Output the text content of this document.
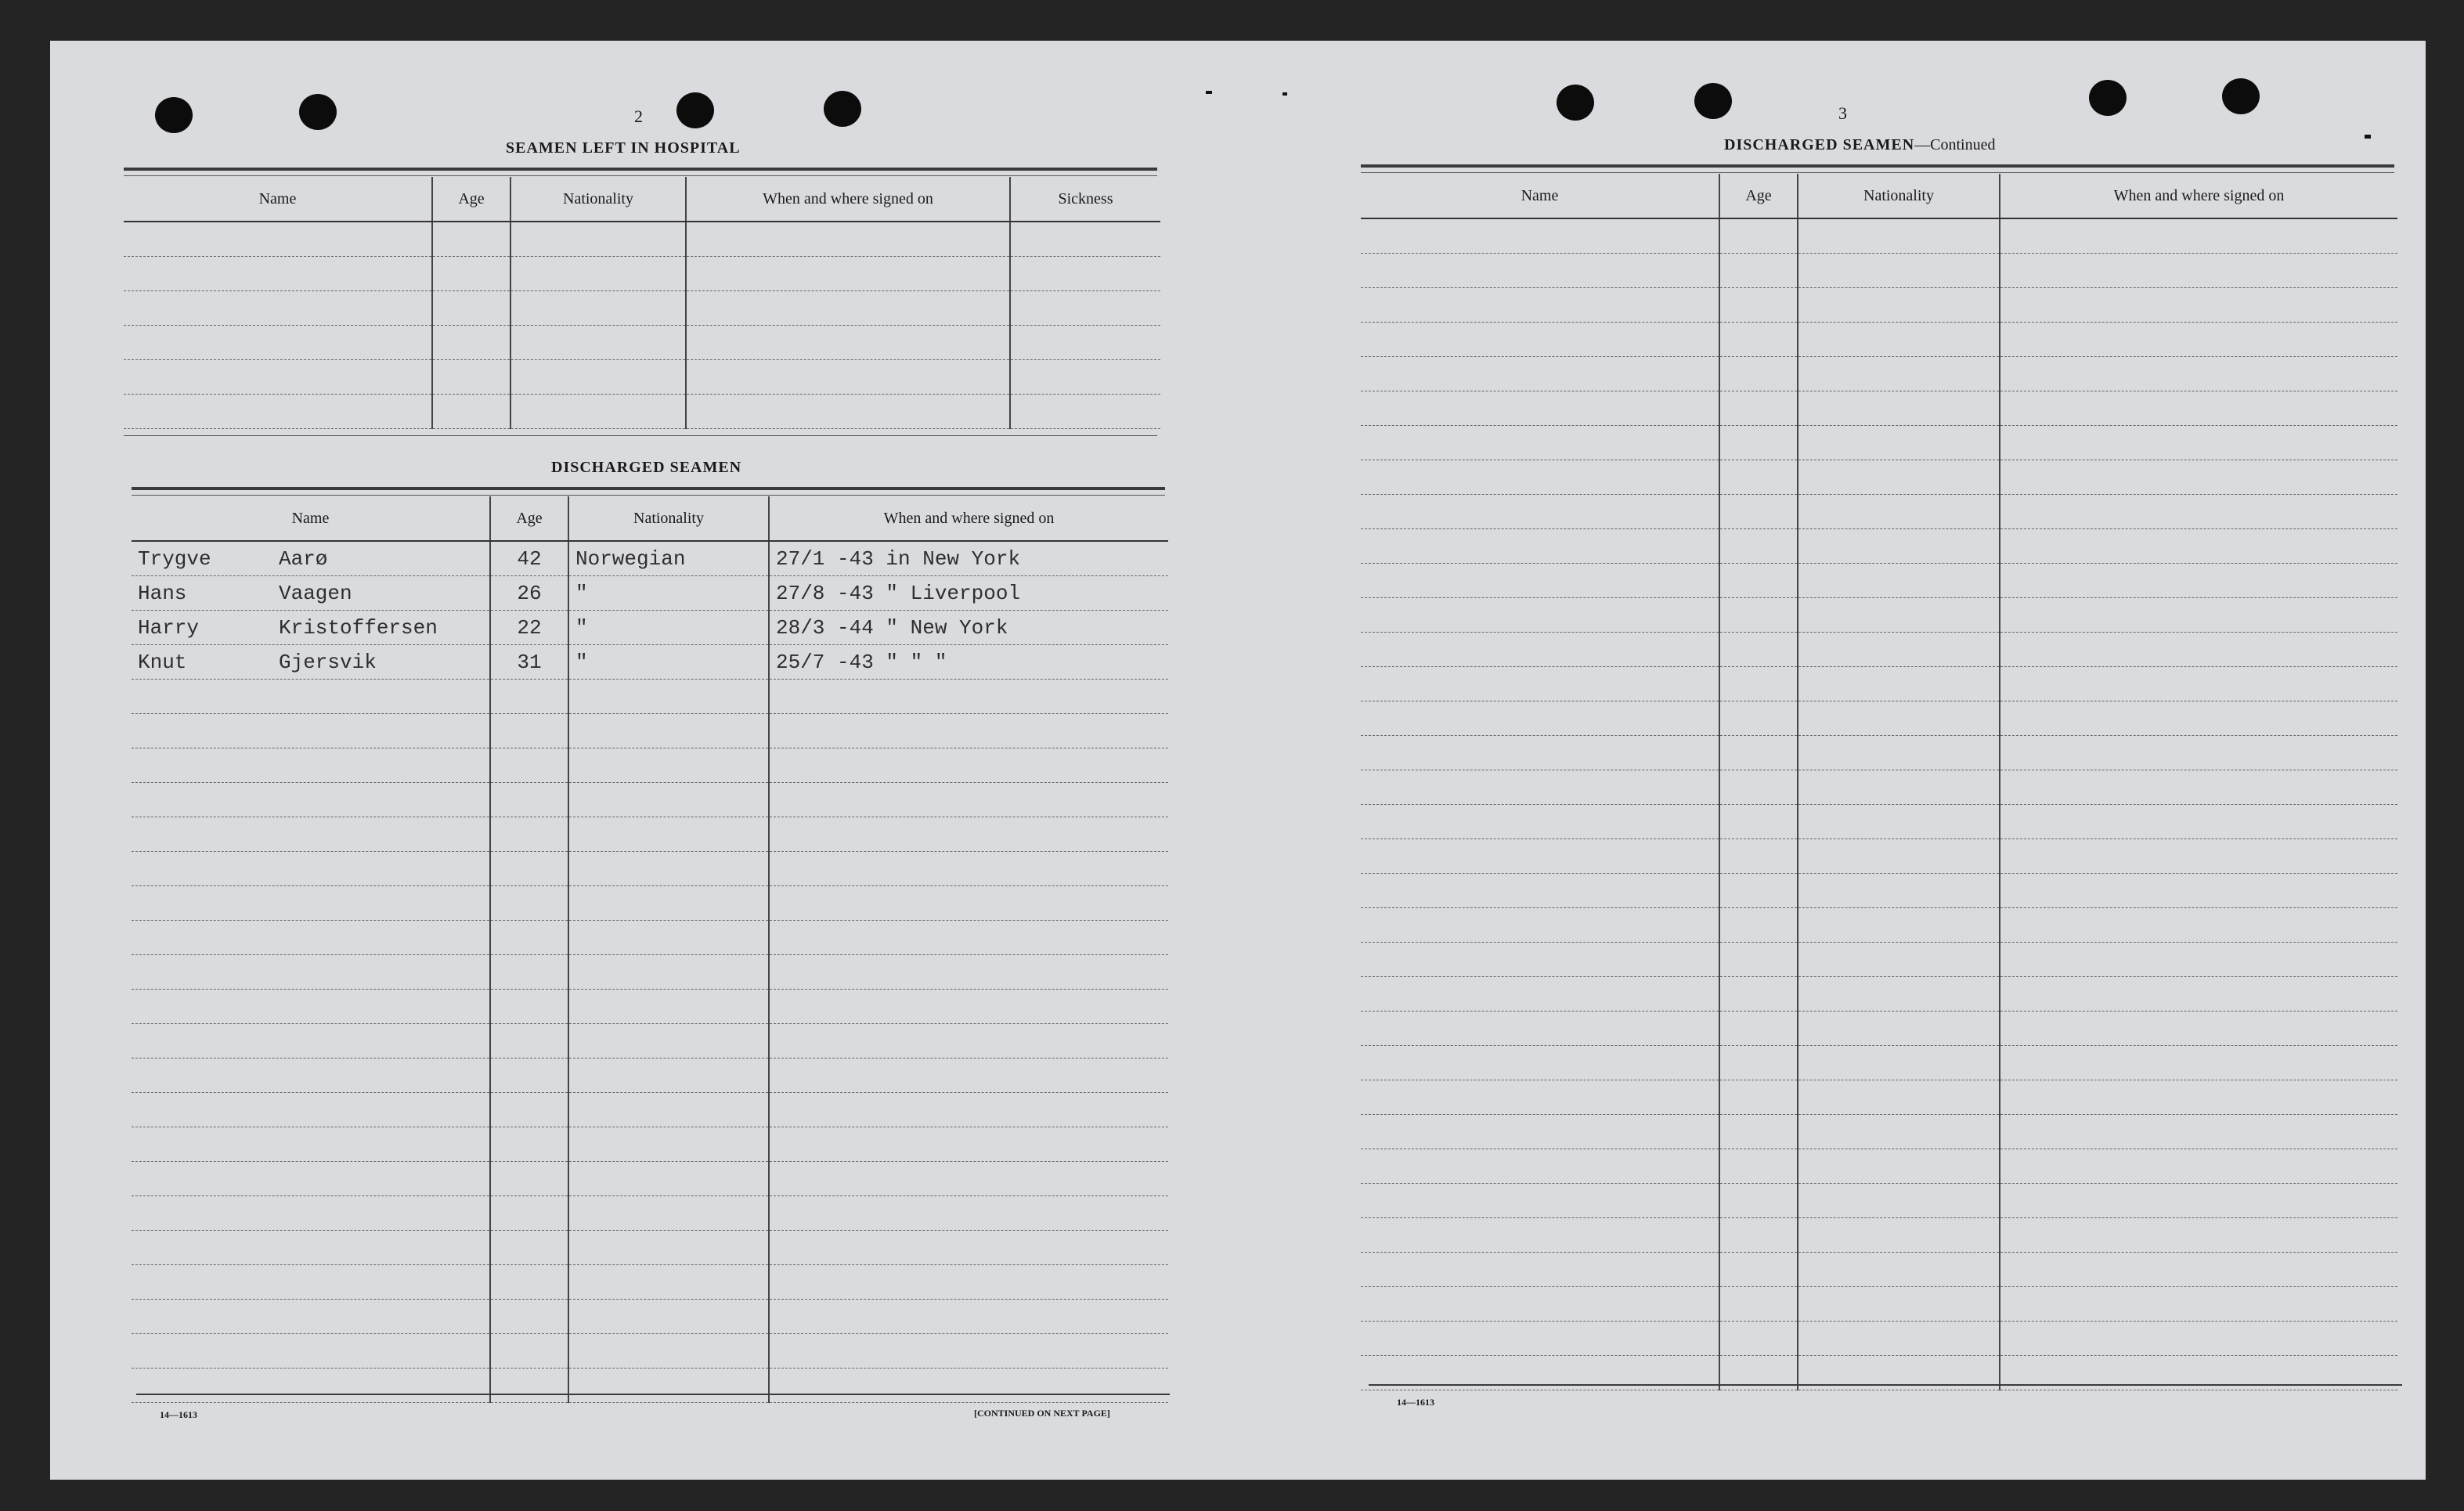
2
SEAMEN LEFT IN HOSPITAL
Name	Age	Nationality	When and where signed on	Sickness

DISCHARGED SEAMEN
Name	Age	Nationality	When and where signed on
Trygve Aarø	42	Norwegian	27/1 -43 in New York
Hans Vaagen	26	"	27/8 -43 " Liverpool
Harry Kristoffersen	22	"	28/3 -44 " New York
Knut Gjersvik	31	"	25/7 -43 " " "

14—1613	[CONTINUED ON NEXT PAGE]
3
DISCHARGED SEAMEN—Continued
Name	Age	Nationality	When and where signed on

14—1613
